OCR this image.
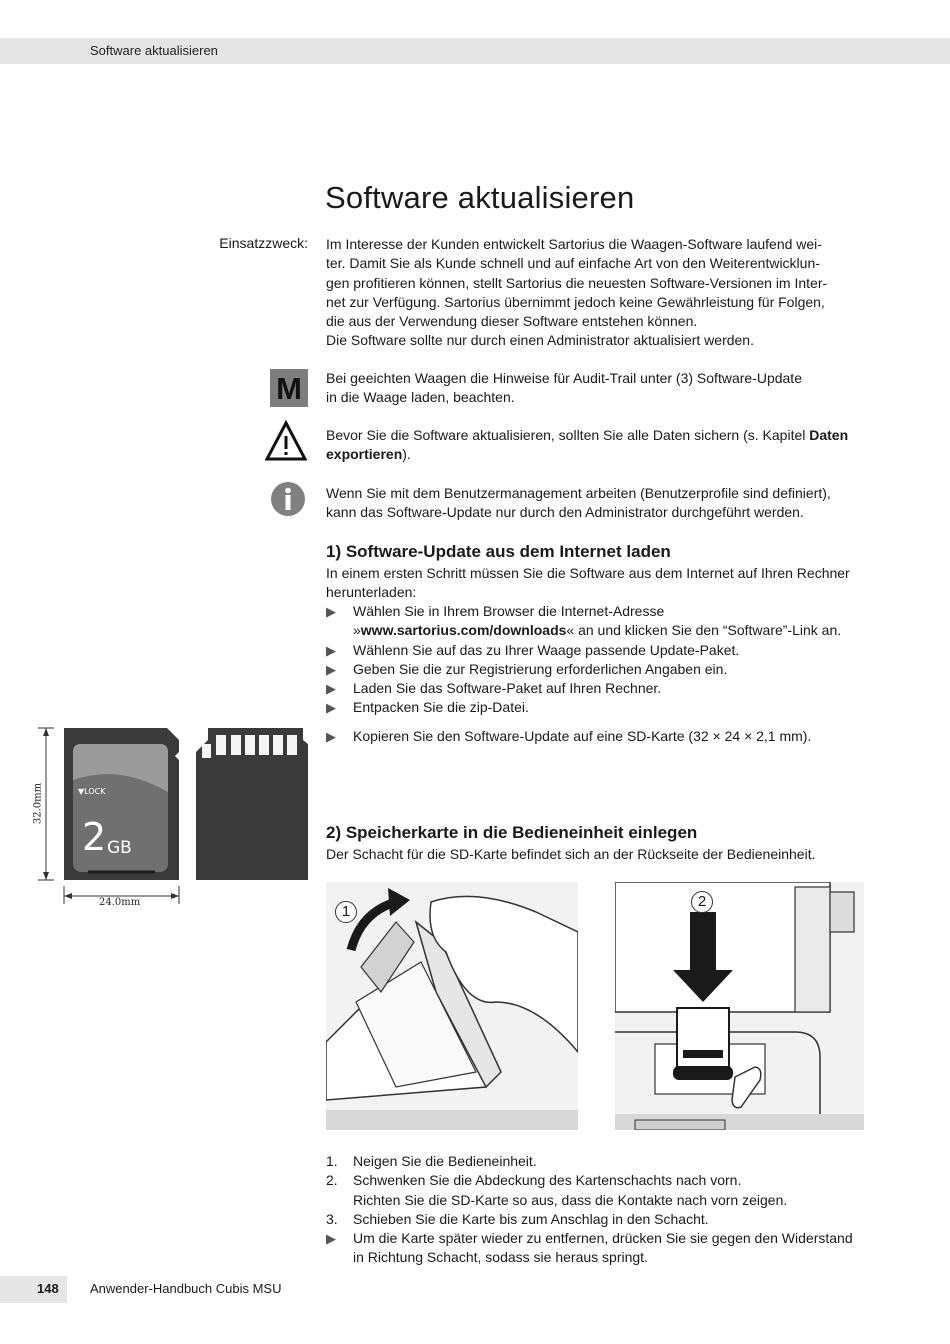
Software aktualisieren
Software aktualisieren
Einsatzzweck: Im Interesse der Kunden entwickelt Sartorius die Waagen-Software laufend wei-

ter. Damit Sie als Kunde schnell und auf einfache Art von den Weiterentwicklun-

gen profitieren können, stellt Sartorius die neuesten Software-Versionen im Inter-

net zur Verfügung. Sartorius übernimmt jedoch keine Gewährleistung für Folgen,

die aus der Verwendung dieser Software entstehen können.

Die Software sollte nur durch einen Administrator aktualisiert werden.

M Bei geeichten Waagen die Hinweise für Audit-Trail unter (3) Software-Update

in die Waage laden, beachten.

Bevor Sie die Software aktualisieren, sollten Sie alle Daten sichern (s. Kapitel Daten exportieren).

Wenn Sie mit dem Benutzermanagement arbeiten (Benutzerprofile sind definiert),

kann das Software-Update nur durch den Administrator durchgeführt werden.

1) Software-Update aus dem Internet laden

In einem ersten Schritt müssen Sie die Software aus dem Internet auf Ihren Rechner

herunterladen:

▶ Wählen Sie in Ihrem Browser die Internet-Adresse
»www.sartorius.com/downloads« an und klicken Sie den “Software”-Link an.
▶ Wählenn Sie auf das zu Ihrer Waage passende Update-Paket.
▶ Geben Sie die zur Registrierung erforderlichen Angaben ein.
▶ Laden Sie das Software-Paket auf Ihren Rechner.
▶ Entpacken Sie die zip-Datei.
▶ Kopieren Sie den Software-Update auf eine SD-Karte (32 × 24 × 2,1 mm).
▼LOCK
2 GB
32.0mm
24.0mm
2) Speicherkarte in die Bedieneinheit einlegen
Der Schacht für die SD-Karte befindet sich an der Rückseite der Bedieneinheit.
1
2
1. Neigen Sie die Bedieneinheit.
2. Schwenken Sie die Abdeckung des Kartenschachts nach vorn.
Richten Sie die SD-Karte so aus, dass die Kontakte nach vorn zeigen.
3. Schieben Sie die Karte bis zum Anschlag in den Schacht.
▶ Um die Karte später wieder zu entfernen, drücken Sie sie gegen den Widerstand
in Richtung Schacht, sodass sie heraus springt.
148 Anwender-Handbuch Cubis MSU
